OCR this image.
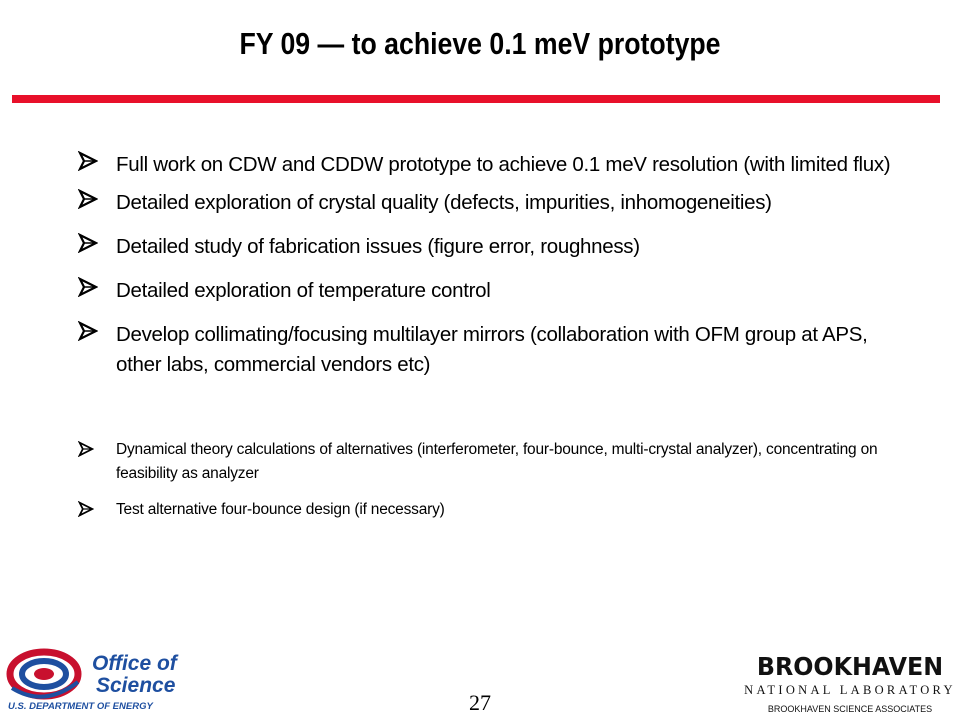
FY 09 — to achieve 0.1 meV prototype
Full work on CDW and CDDW prototype to achieve 0.1 meV resolution (with limited flux)
Detailed exploration of crystal quality (defects, impurities, inhomogeneities)
Detailed study of fabrication issues (figure error, roughness)
Detailed exploration of temperature control
Develop collimating/focusing multilayer mirrors (collaboration with OFM group at APS, other labs, commercial vendors etc)
Dynamical theory calculations of alternatives (interferometer, four-bounce, multi-crystal analyzer), concentrating on feasibility as analyzer
Test alternative four-bounce design (if necessary)
Office of
Science
U.S. DEPARTMENT OF ENERGY	27
BROOKHAVEN
NATIONAL LABORATORY
BROOKHAVEN SCIENCE ASSOCIATES
